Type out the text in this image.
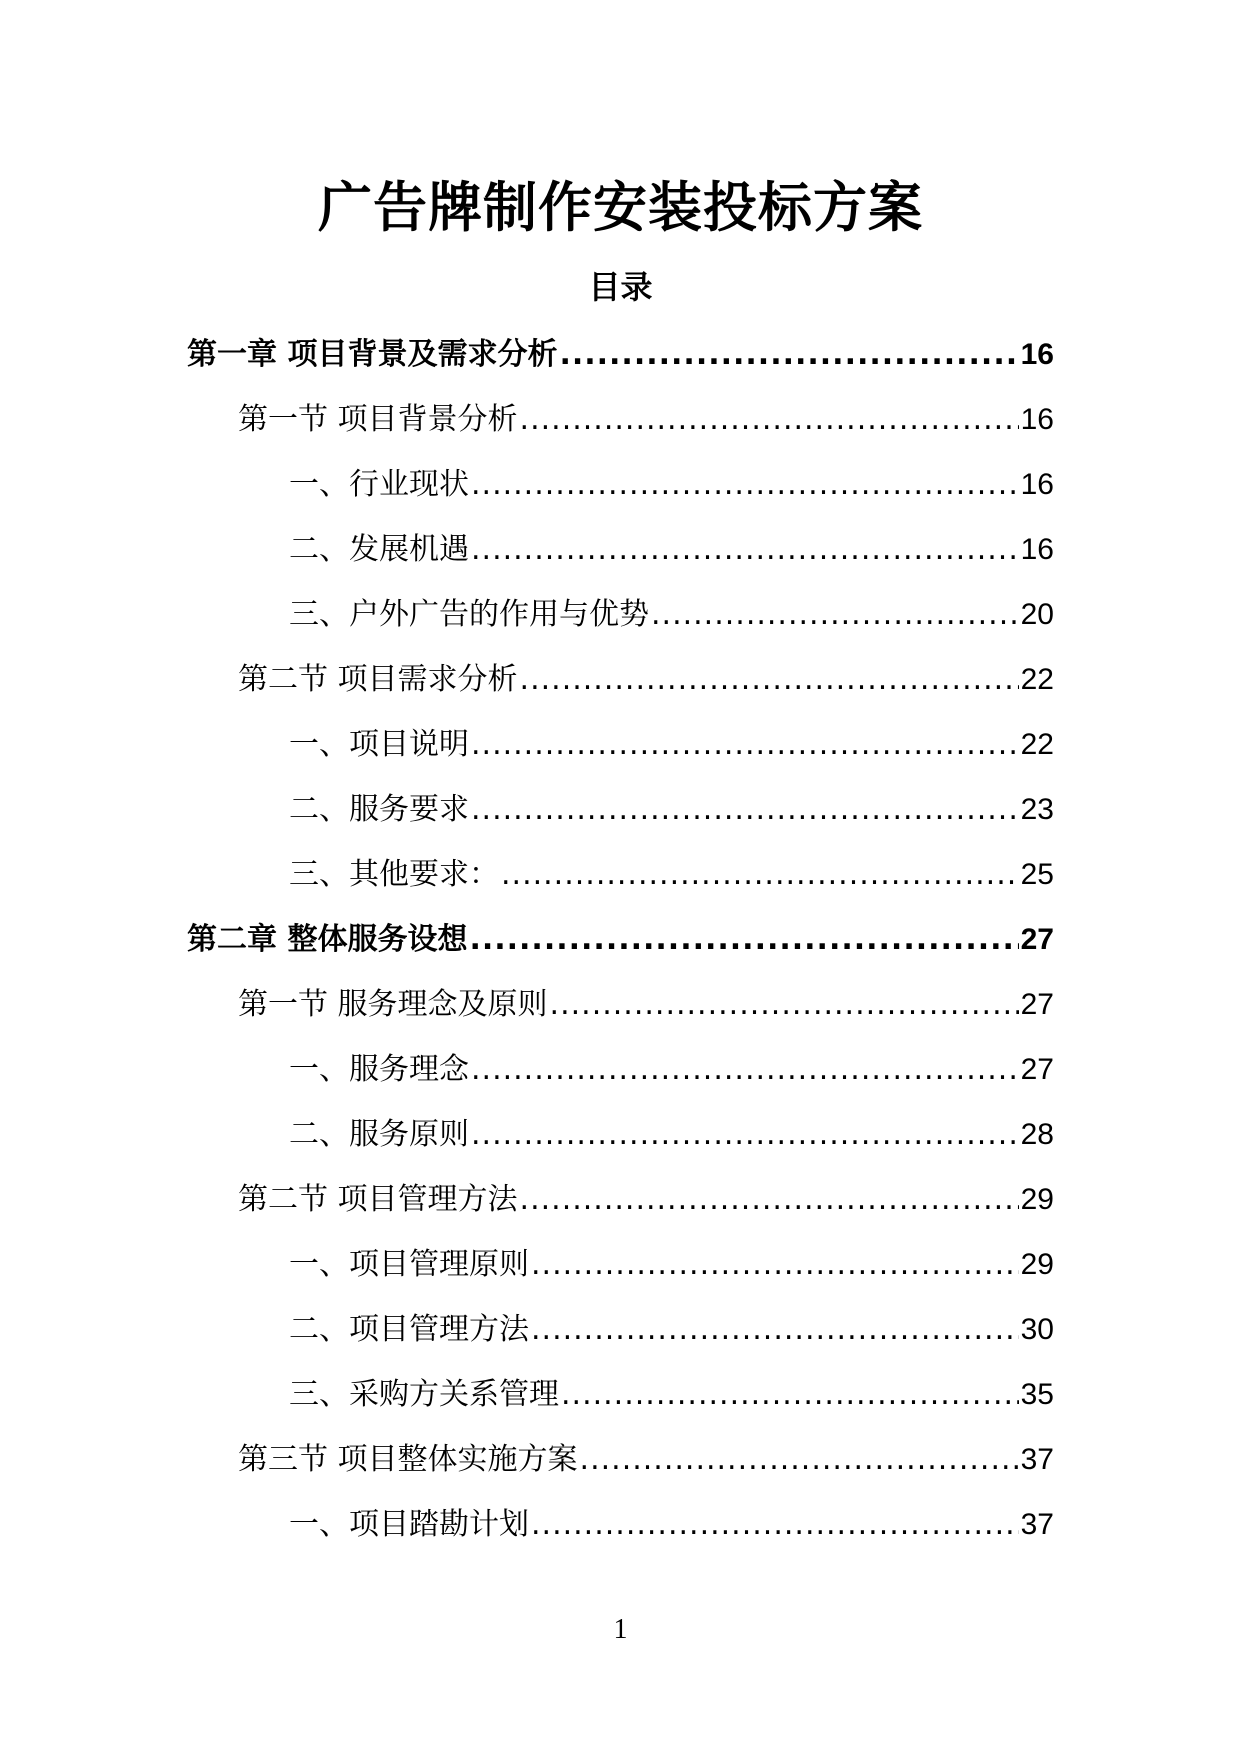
广告牌制作安装投标方案
目录
第一章 项目背景及需求分析 .....	16
第一节 项目背景分析 .....	16
一、行业现状 .....	16
二、发展机遇 .....	16
三、户外广告的作用与优势 .....	20
第二节 项目需求分析 .....	22
一、项目说明 .....	22
二、服务要求 .....	23
三、其他要求： .....	25
第二章 整体服务设想 .....	27
第一节 服务理念及原则 .....	27
一、服务理念 .....	27
二、服务原则 .....	28
第二节 项目管理方法 .....	29
一、项目管理原则 .....	29
二、项目管理方法 .....	30
三、采购方关系管理 .....	35
第三节 项目整体实施方案 .....	37
一、项目踏勘计划 .....	37
1
